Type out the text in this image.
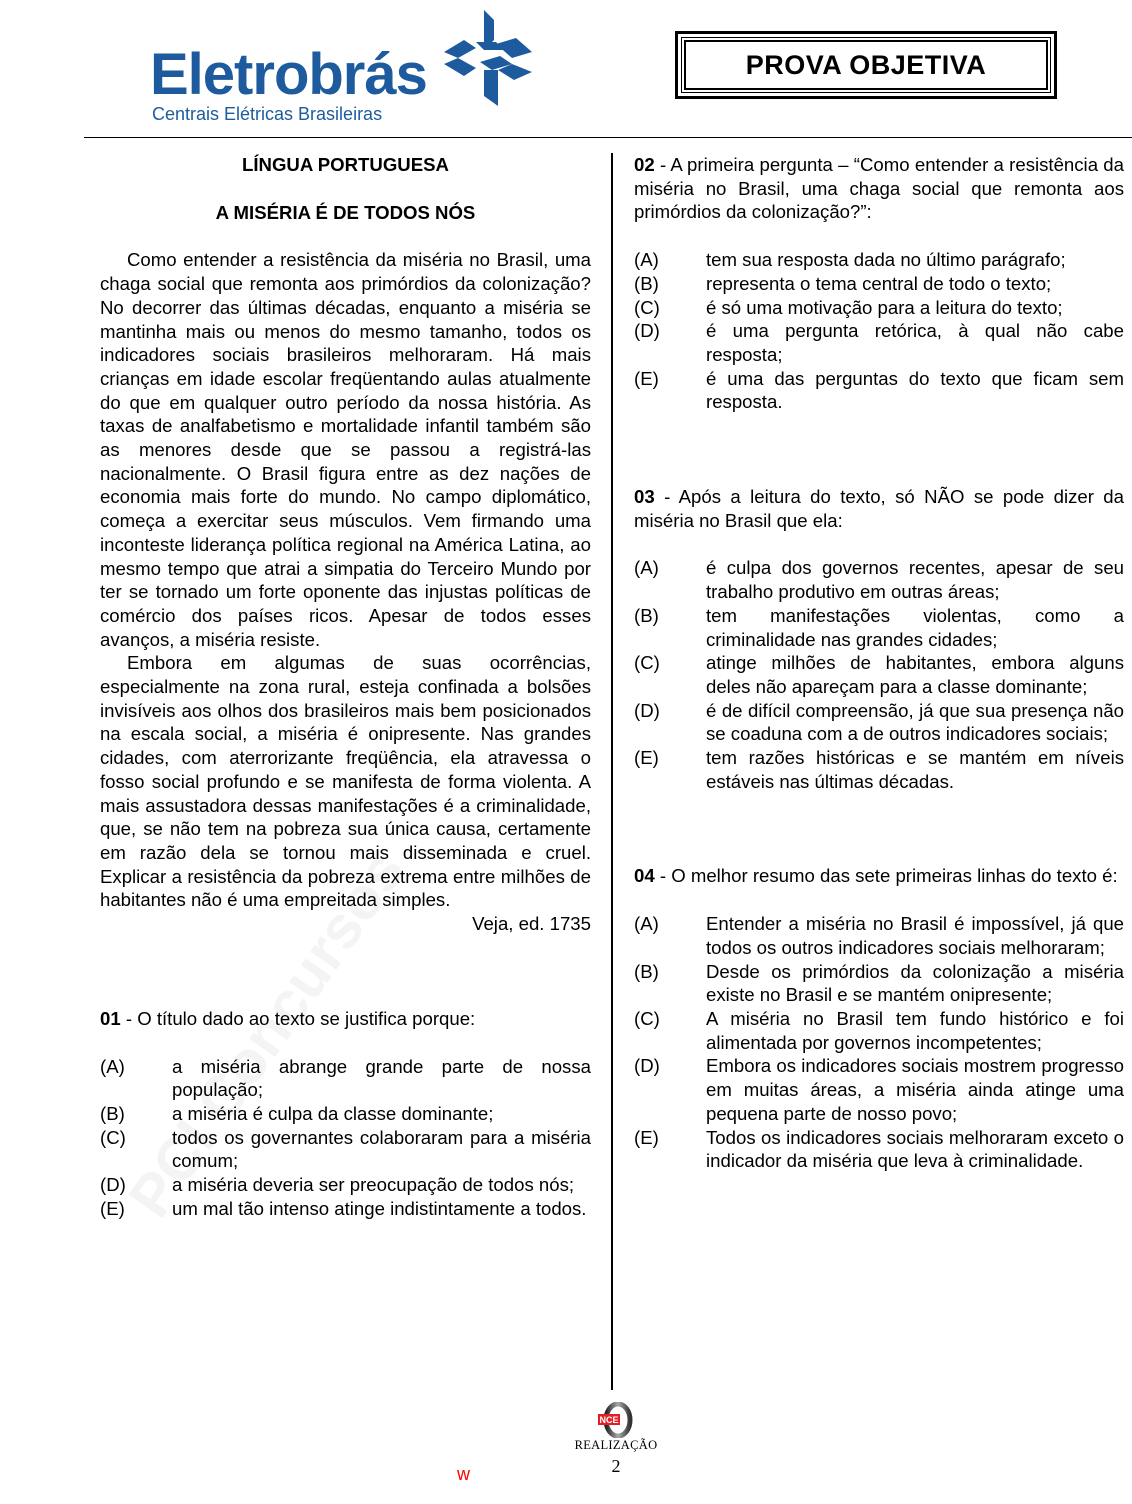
Eletrobrás
Centrais Elétricas Brasileiras
PROVA OBJETIVA

LÍNGUA PORTUGUESA

A MISÉRIA É DE TODOS NÓS

Como entender a resistência da miséria no Brasil, uma chaga social que remonta aos primórdios da colonização? No decorrer das últimas décadas, enquanto a miséria se mantinha mais ou menos do mesmo tamanho, todos os indicadores sociais brasileiros melhoraram. Há mais crianças em idade escolar freqüentando aulas atualmente do que em qualquer outro período da nossa história. As taxas de analfabetismo e mortalidade infantil também são as menores desde que se passou a registrá-las nacionalmente. O Brasil figura entre as dez nações de economia mais forte do mundo. No campo diplomático, começa a exercitar seus músculos. Vem firmando uma inconteste liderança política regional na América Latina, ao mesmo tempo que atrai a simpatia do Terceiro Mundo por ter se tornado um forte oponente das injustas políticas de comércio dos países ricos. Apesar de todos esses avanços, a miséria resiste.

Embora em algumas de suas ocorrências, especialmente na zona rural, esteja confinada a bolsões invisíveis aos olhos dos brasileiros mais bem posicionados na escala social, a miséria é onipresente. Nas grandes cidades, com aterrorizante freqüência, ela atravessa o fosso social profundo e se manifesta de forma violenta. A mais assustadora dessas manifestações é a criminalidade, que, se não tem na pobreza sua única causa, certamente em razão dela se tornou mais disseminada e cruel. Explicar a resistência da pobreza extrema entre milhões de habitantes não é uma empreitada simples.

Veja, ed. 1735

01 - O título dado ao texto se justifica porque:

(A)	a miséria abrange grande parte de nossa população;
(B)	a miséria é culpa da classe dominante;
(C)	todos os governantes colaboraram para a miséria comum;
(D)	a miséria deveria ser preocupação de todos nós;
(E)	um mal tão intenso atinge indistintamente a todos.

02 - A primeira pergunta – “Como entender a resistência da miséria no Brasil, uma chaga social que remonta aos primórdios da colonização?”:

(A)	tem sua resposta dada no último parágrafo;
(B)	representa o tema central de todo o texto;
(C)	é só uma motivação para a leitura do texto;
(D)	é uma pergunta retórica, à qual não cabe resposta;
(E)	é uma das perguntas do texto que ficam sem resposta.

03 - Após a leitura do texto, só NÃO se pode dizer da miséria no Brasil que ela:

(A)	é culpa dos governos recentes, apesar de seu trabalho produtivo em outras áreas;
(B)	tem manifestações violentas, como a criminalidade nas grandes cidades;
(C)	atinge milhões de habitantes, embora alguns deles não apareçam para a classe dominante;
(D)	é de difícil compreensão, já que sua presença não se coaduna com a de outros indicadores sociais;
(E)	tem razões históricas e se mantém em níveis estáveis nas últimas décadas.

04 - O melhor resumo das sete primeiras linhas do texto é:

(A)	Entender a miséria no Brasil é impossível, já que todos os outros indicadores sociais melhoraram;
(B)	Desde os primórdios da colonização a miséria existe no Brasil e se mantém onipresente;
(C)	A miséria no Brasil tem fundo histórico e foi alimentada por governos incompetentes;
(D)	Embora os indicadores sociais mostrem progresso em muitas áreas, a miséria ainda atinge uma pequena parte de nosso povo;
(E)	Todos os indicadores sociais melhoraram exceto o indicador da miséria que leva à criminalidade.
NCE
REALIZAÇÃO
2
w
